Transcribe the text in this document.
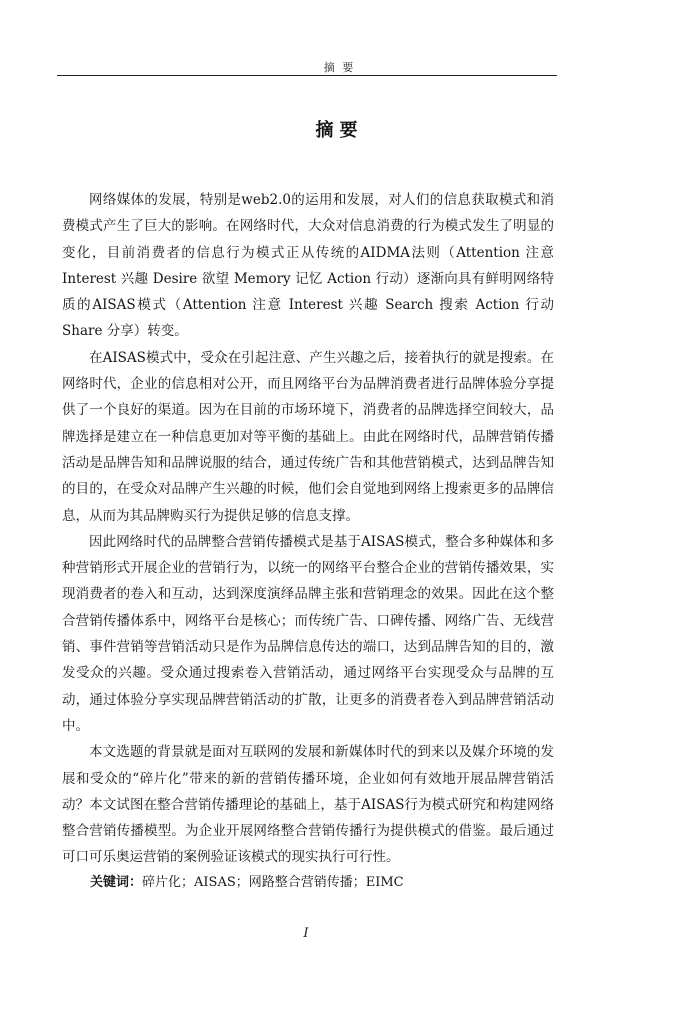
摘 要
摘要

网络媒体的发展，特别是web2.0的运用和发展，对人们的信息获取模式和消费模式产生了巨大的影响。在网络时代，大众对信息消费的行为模式发生了明显的变化，目前消费者的信息行为模式正从传统的AIDMA法则（Attention 注意 Interest 兴趣 Desire 欲望 Memory 记忆 Action 行动）逐渐向具有鲜明网络特质的AISAS模式（Attention 注意 Interest 兴趣 Search 搜索 Action 行动 Share 分享）转变。

在AISAS模式中，受众在引起注意、产生兴趣之后，接着执行的就是搜索。在网络时代，企业的信息相对公开，而且网络平台为品牌消费者进行品牌体验分享提供了一个良好的渠道。因为在目前的市场环境下，消费者的品牌选择空间较大，品牌选择是建立在一种信息更加对等平衡的基础上。由此在网络时代，品牌营销传播活动是品牌告知和品牌说服的结合，通过传统广告和其他营销模式，达到品牌告知的目的，在受众对品牌产生兴趣的时候，他们会自觉地到网络上搜索更多的品牌信息，从而为其品牌购买行为提供足够的信息支撑。

因此网络时代的品牌整合营销传播模式是基于AISAS模式，整合多种媒体和多种营销形式开展企业的营销行为，以统一的网络平台整合企业的营销传播效果，实现消费者的卷入和互动，达到深度演绎品牌主张和营销理念的效果。因此在这个整合营销传播体系中，网络平台是核心；而传统广告、口碑传播、网络广告、无线营销、事件营销等营销活动只是作为品牌信息传达的端口，达到品牌告知的目的，激发受众的兴趣。受众通过搜索卷入营销活动，通过网络平台实现受众与品牌的互动，通过体验分享实现品牌营销活动的扩散，让更多的消费者卷入到品牌营销活动中。

本文选题的背景就是面对互联网的发展和新媒体时代的到来以及媒介环境的发展和受众的“碎片化”带来的新的营销传播环境，企业如何有效地开展品牌营销活动？本文试图在整合营销传播理论的基础上，基于AISAS行为模式研究和构建网络整合营销传播模型。为企业开展网络整合营销传播行为提供模式的借鉴。最后通过可口可乐奥运营销的案例验证该模式的现实执行可行性。

关键词：碎片化；AISAS；网路整合营销传播；EIMC
I
